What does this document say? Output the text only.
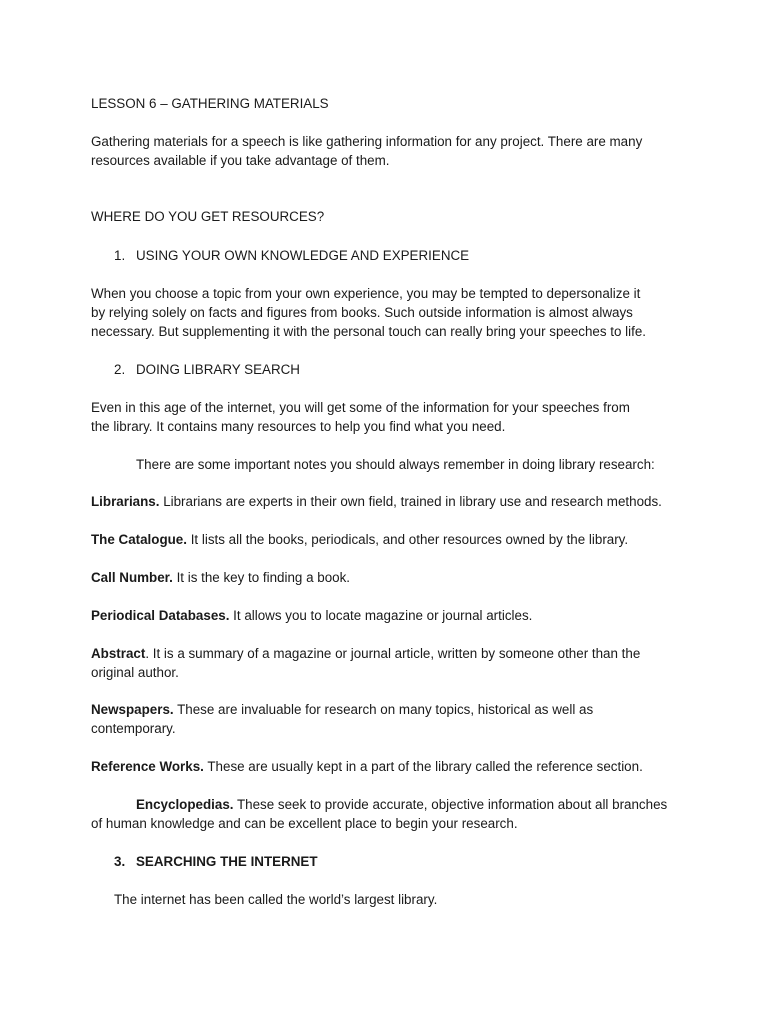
LESSON 6 – GATHERING MATERIALS
Gathering materials for a speech is like gathering information for any project. There are many
resources available if you take advantage of them.
WHERE DO YOU GET RESOURCES?
1. USING YOUR OWN KNOWLEDGE AND EXPERIENCE
When you choose a topic from your own experience, you may be tempted to depersonalize it
by relying solely on facts and figures from books. Such outside information is almost always
necessary. But supplementing it with the personal touch can really bring your speeches to life.
2. DOING LIBRARY SEARCH
Even in this age of the internet, you will get some of the information for your speeches from
the library. It contains many resources to help you find what you need.
There are some important notes you should always remember in doing library research:
Librarians. Librarians are experts in their own field, trained in library use and research methods.
The Catalogue. It lists all the books, periodicals, and other resources owned by the library.
Call Number. It is the key to finding a book.
Periodical Databases. It allows you to locate magazine or journal articles.
Abstract. It is a summary of a magazine or journal article, written by someone other than the
original author.
Newspapers. These are invaluable for research on many topics, historical as well as
contemporary.
Reference Works. These are usually kept in a part of the library called the reference section.
Encyclopedias. These seek to provide accurate, objective information about all branches
of human knowledge and can be excellent place to begin your research.
3. SEARCHING THE INTERNET
The internet has been called the world’s largest library.
